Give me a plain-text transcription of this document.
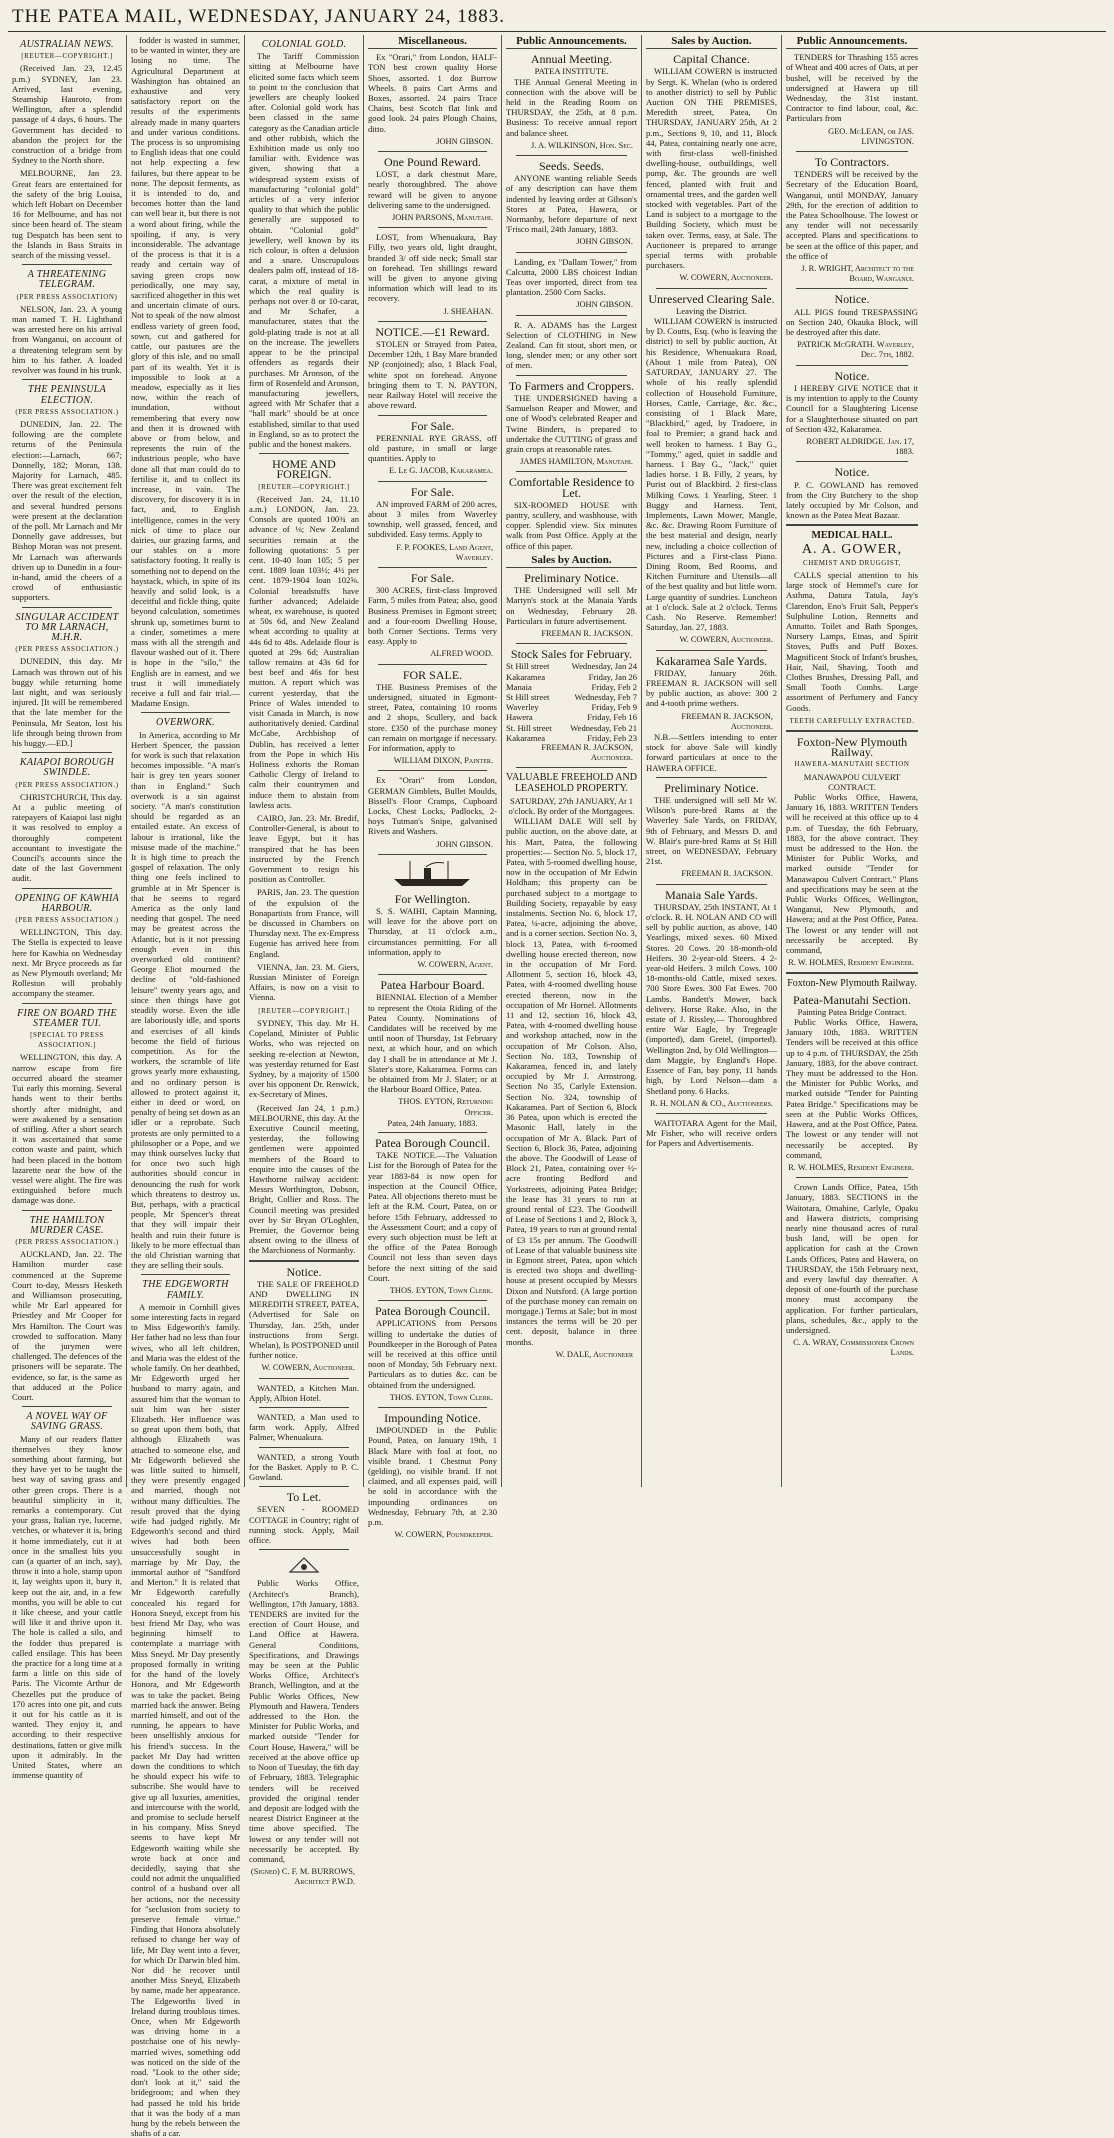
THE PATEA MAIL, WEDNESDAY, JANUARY 24, 1883.
AUSTRALIAN NEWS.
[REUTER—COPYRIGHT.]

(Received Jan. 23, 12.45 p.m.) SYDNEY, Jan 23. Arrived, last evening, Steamship Hauroto, from Wellington, after a splendid passage of 4 days, 6 hours. The Government has decided to abandon the project for the construction of a bridge from Sydney to the North shore.

MELBOURNE, Jan 23. Great fears are entertained for the safety of the brig Louisa, which left Hobart on December 16 for Melbourne, and has not since been heard of. The steam tug Despatch has been sent to the Islands in Bass Straits in search of the missing vessel.

A THREATENING TELEGRAM.
(PER PRESS ASSOCIATION)

NELSON, Jan. 23. A young man named T. H. Lightband was arrested here on his arrival from Wanganui, on account of a threatening telegram sent by him to his father. A loaded revolver was found in his trunk.

THE PENINSULA ELECTION.
(PER PRESS ASSOCIATION.)

DUNEDIN, Jan. 22. The following are the complete returns of the Peninsula election:—Larnach, 667; Donnelly, 182; Moran, 138. Majority for Larnach, 485. There was great excitement felt over the result of the election, and several hundred persons were present at the declaration of the poll. Mr Larnach and Mr Donnelly gave addresses, but Bishop Moran was not present. Mr Larnach was afterwards driven up to Dunedin in a four-in-hand, amid the cheers of a crowd of enthusiastic supporters.

SINGULAR ACCIDENT TO MR LARNACH, M.H.R.
(PER PRESS ASSOCIATION.)

DUNEDIN, this day. Mr Larnach was thrown out of his buggy while returning home last night, and was seriously injured. [It will be remembered that the late member for the Peninsula, Mr Seaton, lost his life through being thrown from his buggy.—ED.]

KAIAPOI BOROUGH SWINDLE.
(PER PRESS ASSOCIATION.)

CHRISTCHURCH, This day. At a public meeting of ratepayers of Kaiapoi last night it was resolved to employ a thoroughly competent accountant to investigate the Council's accounts since the date of the last Government audit.

OPENING OF KAWHIA HARBOUR.
(PER PRESS ASSOCIATION.)

WELLINGTON, This day. The Stella is expected to leave here for Kawhia on Wednesday next. Mr Bryce proceeds as far as New Plymouth overland; Mr Rolleston will probably accompany the steamer.

FIRE ON BOARD THE STEAMER TUI.
[SPECIAL TO PRESS ASSOCIATION.]

WELLINGTON, this day. A narrow escape from fire occurred aboard the steamer Tui early this morning. Several hands went to their berths shortly after midnight, and were awakened by a sensation of stifling. After a short search it was ascertained that some cotton waste and paint, which had been placed in the bottom lazarette near the bow of the vessel were alight. The fire was extinguished before much damage was done.

THE HAMILTON MURDER CASE.
(PER PRESS ASSOCIATION.)

AUCKLAND, Jan. 22. The Hamilton murder case commenced at the Supreme Court to-day, Messrs Hesketh and Williamson prosecuting, while Mr Earl appeared for Priestley and Mr Cooper for Mrs Hamilton. The Court was crowded to suffocation. Many of the jurymen were challenged. The defences of the prisoners will be separate. The evidence, so far, is the same as that adduced at the Police Court.

A NOVEL WAY OF SAVING GRASS.

Many of our readers flatter themselves they know something about farming, but they have yet to be taught the best way of saving grass and other green crops. There is a beautiful simplicity in it, remarks a contemporary. Cut your grass, Italian rye, lucerne, vetches, or whatever it is, bring it home immediately, cut it at once in the smallest bits you can (a quarter of an inch, say), throw it into a hole, stamp upon it, lay weights upon it, bury it, keep out the air, and, in a few months, you will be able to cut it like cheese, and your cattle will like it and thrive upon it. The hole is called a silo, and the fodder thus prepared is called ensilage. This has been the practice for a long time at a farm a little on this side of Paris. The Vicomte Arthur de Chezelles put the produce of 170 acres into one pit, and cuts it out for his cattle as it is wanted. They enjoy it, and according to their respective destinations, fatten or give milk upon it admirably. In the United States, where an immense quantity of

fodder is wasted in summer, to be wanted in winter, they are losing no time. The Agricultural Department at Washington has obtained an exhaustive and very satisfactory report on the results of the experiments already made in many quarters and under various conditions. The process is so unpromising to English ideas that one could not help expecting a few failures, but there appear to be none. The deposit ferments, as it is intended to do, and becomes hotter than the land can well bear it, but there is not a word about firing, while the spoiling, if any, is very inconsiderable. The advantage of the process is that it is a ready and certain way of saving green crops now periodically, one may say, sacrificed altogether in this wet and uncertain climate of ours. Not to speak of the now almost endless variety of green food, sown, cut and gathered for cattle, our pastures are the glory of this isle, and no small part of its wealth. Yet it is impossible to look at a meadow, especially as it lies now, within the reach of inundation, without remembering that every now and then it is drowned with above or from below, and represents the ruin of the industrious people, who have done all that man could do to fertilise it, and to collect its increase, in vain. The discovery, for discovery it is in fact, and, to English intelligence, comes in the very nick of time to place our dairies, our grazing farms, and our stables on a more satisfactory footing. It really is something not to depend on the haystack, which, in spite of its heavily and solid look, is a deceitful and fickle thing, quite beyond calculation, sometimes shrunk up, sometimes burnt to a cinder, sometimes a mere mass with all the strength and flavour washed out of it. There is hope in the "silo," the English are in earnest, and we trust it will immediately receive a full and fair trial.—Madame Ensign.

OVERWORK.

In America, according to Mr Herbert Spencer, the passion for work is such that relaxation becomes impossible. "A man's hair is grey ten years sooner than in England." Such overwork is a sin against society. "A man's constitution should be regarded as an entailed estate. An excess of labour is irrational, like the misuse made of the machine." It is high time to preach the gospel of relaxation. The only thing one feels inclined to grumble at in Mr Spencer is that he seems to regard America as the only land needing that gospel. The need may be greatest across the Atlantic, but is it not pressing enough even in this overworked old continent? George Eliot mourned the decline of "old-fashioned leisure" twenty years ago, and since then things have got steadily worse. Even the idle are laboriously idle, and sports and exercises of all kinds become the field of furious competition. As for the workers, the scramble of life grows yearly more exhausting, and no ordinary person is allowed to protect against it, either in deed or word, on penalty of being set down as an idler or a reprobate. Such protests are only permitted to a philosopher or a Pope, and we may think ourselves lucky that for once two such high authorities should concur in denouncing the rush for work which threatens to destroy us. But, perhaps, with a practical people, Mr Spencer's threat that they will impair their health and ruin their future is likely to be more effectual than the old Christian warning that they are selling their souls.

THE EDGEWORTH FAMILY.

A memoir in Cornhill gives some interesting facts in regard to Miss Edgeworth's family. Her father had no less than four wives, who all left children, and Maria was the eldest of the whole family. On her deathbed, Mr Edgeworth urged her husband to marry again, and assured him that the woman to suit him was her sister Elizabeth. Her influence was so great upon them both, that although Elizabeth was attached to someone else, and Mr Edgeworth believed she was little suited to himself, they were presently engaged and married, though not without many difficulties. The result proved that the dying wife had judged rightly. Mr Edgeworth's second and third wives had both been unsuccessfully sought in marriage by Mr Day, the immortal author of "Sandford and Merton." It is related that Mr Edgeworth carefully concealed his regard for Honora Sneyd, except from his best friend Mr Day, who was beginning himself to contemplate a marriage with Miss Sneyd. Mr Day presently proposed formally in writing for the hand of the lovely Honora, and Mr Edgeworth was to take the packet. Being married back the answer. Being married himself, and out of the running, he appears to have been unselfishly anxious for his friend's success. In the packet Mr Day had written down the conditions to which he should expect his wife to subscribe. She would have to give up all luxuries, amenities, and intercourse with the world, and promise to seclude herself in his company. Miss Sneyd seems to have kept Mr Edgeworth waiting while she wrote back at once and decidedly, saying that she could not admit the unqualified control of a husband over all her actions, nor the necessity for "seclusion from society to preserve female virtue." Finding that Honora absolutely refused to change her way of life, Mr Day went into a fever, for which Dr Darwin bled him. Nor did he recover until another Miss Sneyd, Elizabeth by name, made her appearance. The Edgeworths lived in Ireland during troublous times. Once, when Mr Edgeworth was driving home in a postchaise one of his newly-married wives, something odd was noticed on the side of the road. "Look to the other side; don't look at it," said the bridegroom; and when they had passed he told his bride that it was the body of a man hung by the rebels between the shafts of a car.

COLONIAL GOLD.

The Tariff Commission sitting at Melbourne have elicited some facts which seem to point to the conclusion that jewellers are cheaply looked after. Colonial gold work has been classed in the same category as the Canadian article and other rubbish, which the Exhibition made us only too familiar with. Evidence was given, showing that a widespread system exists of manufacturing "colonial gold" articles of a very inferior quality to that which the public generally are supposed to obtain. "Colonial gold" jewellery, well known by its rich colour, is often a delusion and a snare. Unscrupulous dealers palm off, instead of 18-carat, a mixture of metal in which the real quality is perhaps not over 8 or 10-carat, and Mr Schafer, a manufacturer, states that the gold-plating trade is not at all on the increase. The jewellers appear to be the principal offenders as regards their purchases. Mr Aronson, of the firm of Rosenfeld and Aronson, manufacturing jewellers, agreed with Mr Schafer that a "hall mark" should be at once established, similar to that used in England, so as to protect the public and the honest makers.

HOME AND FOREIGN.
[REUTER—COPYRIGHT.]

(Received Jan. 24, 11.10 a.m.) LONDON, Jan. 23. Consols are quoted 100¾ an advance of ⅛; New Zealand securities remain at the following quotations: 5 per cent. 10-40 loan 105; 5 per cent. 1889 loan 103½; 4½ per cent. 1879-1904 loan 102⅝. Colonial breadstuffs have further advanced; Adelaide wheat, ex warehouse, is quoted at 50s 6d, and New Zealand wheat according to quality at 44s 6d to 48s. Adelaide flour is quoted at 29s 6d; Australian tallow remains at 43s 6d for best beef and 46s for best mutton. A report which was current yesterday, that the Prince of Wales intended to visit Canada in March, is now authoritatively denied. Cardinal McCabe, Archbishop of Dublin, has received a letter from the Pope in which His Holiness exhorts the Roman Catholic Clergy of Ireland to calm their countrymen and induce them to abstain from lawless acts.

CAIRO, Jan. 23. Mr. Bredif, Controller-General, is about to leave Egypt, but it has transpired that he has been instructed by the French Government to resign his position as Controller.

PARIS, Jan. 23. The question of the expulsion of the Bonapartists from France, will be discussed in Chambers on Thursday next. The ex-Empress Eugenie has arrived here from England.

VIENNA, Jan. 23. M. Giers, Russian Minister of Foreign Affairs, is now on a visit to Vienna.

[REUTER—COPYRIGHT.]

SYDNEY, This day. Mr H. Copeland, Minister of Public Works, who was rejected on seeking re-election at Newton, was yesterday returned for East Sydney, by a majority of 1500 over his opponent Dr. Renwick, ex-Secretary of Mines.

(Received Jan 24, 1 p.m.) MELBOURNE, this day. At the Executive Council meeting, yesterday, the following gentlemen were appointed members of the Board to enquire into the causes of the Hawthorne railway accident: Messrs Worthington, Dobson, Bright, Collier and Ross. The Council meeting was presided over by Sir Bryan O'Loghlen, Premier, the Governor being absent owing to the illness of the Marchioness of Normanby.

Notice.

THE SALE OF FREEHOLD AND DWELLING IN MEREDITH STREET, PATEA, (Advertised for Sale on Thursday, Jan. 25th, under instructions from Sergt. Whelan), Is POSTPONED until further notice.

W. COWERN, Auctioneer.

WANTED, a Kitchen Man. Apply, Albion Hotel.

WANTED, a Man used to farm work. Apply, Alfred Palmer, Whenuakura.

WANTED, a strong Youth for the Basket. Apply to P. C. Gowland.

To Let.

SEVEN - ROOMED COTTAGE in Country; right of running stock. Apply, Mail office.

Public Works Office, (Architect's Branch), Wellington, 17th January, 1883. TENDERS are invited for the erection of Court House, and Land Office at Hawera. General Conditions, Specifications, and Drawings may be seen at the Public Works Office, Architect's Branch, Wellington, and at the Public Works Offices, New Plymouth and Hawera. Tenders addressed to the Hon. the Minister for Public Works, and marked outside "Tender for Court House, Hawera," will be received at the above office up to Noon of Tuesday, the 6th day of February, 1883. Telegraphic tenders will be received provided the original tender and deposit are lodged with the nearest District Engineer at the time above specified. The lowest or any tender will not necessarily be accepted. By command,

(Signed) C. F. M. BURROWS, Architect P.W.D.
Miscellaneous.

Ex "Orari," from London, HALF-TON best crown quality Horse Shoes, assorted. 1 doz Burrow Wheels. 8 pairs Cart Arms and Boxes, assorted. 24 pairs Trace Chains, best Scotch flat link and good look. 24 pairs Plough Chains, ditto.

JOHN GIBSON.
One Pound Reward.

LOST, a dark chestnut Mare, nearly thoroughbred. The above reward will be given to anyone delivering same to the undersigned.

JOHN PARSONS, Manutahi.

LOST, from Whenuakura, Bay Filly, two years old, light draught, branded 3/ off side neck; Small star on forehead. Ten shillings reward will be given to anyone giving information which will lead to its recovery.

J. SHEAHAN.
NOTICE.—£1 Reward.

STOLEN or Strayed from Patea, December 12th, 1 Bay Mare branded NP (conjoined); also, 1 Black Foal, white spot on forehead. Anyone bringing them to T. N. PAYTON, near Railway Hotel will receive the above reward.

For Sale.

PERENNIAL RYE GRASS, off old pasture, in small or large quantities. Apply to

E. Le G. JACOB, Kakaramea.
For Sale.

AN improved FARM of 200 acres, about 3 miles from Waverley township, well grassed, fenced, and subdivided. Easy terms. Apply to

F. P. FOOKES, Land Agent, Waverley.
For Sale.

300 ACRES, first-class Improved Farm, 5 miles from Patea; also, good Business Premises in Egmont street; and a four-room Dwelling House, both Corner Sections. Terms very easy. Apply to

ALFRED WOOD.
FOR SALE.

THE Business Premises of the undersigned, situated in Egmont-street, Patea, containing 10 rooms and 2 shops, Scullery, and back store. £350 of the purchase money can remain on mortgage if necessary. For information, apply to

WILLIAM DIXON, Painter.

Ex "Orari" from London, GERMAN Gimblets, Bullet Moulds, Bissell's Floor Cramps, Cupboard Locks, Chest Locks, Padlocks, 2-hoys Tutman's Snipe, galvanised Rivets and Washers.

JOHN GIBSON.
For Wellington.

S. S. WAIHI, Captain Manning, will leave for the above port on Thursday, at 11 o'clock a.m., circumstances permitting. For all information, apply to

W. COWERN, Agent.
Patea Harbour Board.

BIENNIAL Election of a Member to represent the Otoia Riding of the Patea County. Nominations of Candidates will be received by me until noon of Thursday, 1st February next, at which hour, and on which day I shall be in attendance at Mr J. Slater's store, Kakaramea. Forms can be obtained from Mr J. Slater; or at the Harbour Board Office, Patea.

THOS. EYTON, Returning Officer.
Patea, 24th January, 1883.
Patea Borough Council.

TAKE NOTICE.—The Valuation List for the Borough of Patea for the year 1883-84 is now open for inspection at the Council Office, Patea. All objections thereto must be left at the R.M. Court, Patea, on or before 15th February, addressed to the Assessment Court; and a copy of every such objection must be left at the office of the Patea Borough Council not less than seven days before the next sitting of the said Court.

THOS. EYTON, Town Clerk.
Patea Borough Council.

APPLICATIONS from Persons willing to undertake the duties of Poundkeeper in the Borough of Patea will be received at this office until noon of Monday, 5th February next. Particulars as to duties &c. can be obtained from the undersigned.

THOS. EYTON, Town Clerk.
Impounding Notice.

IMPOUNDED in the Public Pound, Patea, on January 19th, 1 Black Mare with foal at foot, no visible brand. 1 Chestnut Pony (gelding), no visible brand. If not claimed, and all expenses paid, will be sold in accordance with the impounding ordinances on Wednesday, February 7th, at 2.30 p.m.

W. COWERN, Poundkeeper.
Public Announcements.
Annual Meeting.
PATEA INSTITUTE.

THE Annual General Meeting in connection with the above will be held in the Reading Room on THURSDAY, the 25th, at 8 p.m. Business: To receive annual report and balance sheet.

J. A. WILKINSON, Hon. Sec.
Seeds. Seeds.

ANYONE wanting reliable Seeds of any description can have them indented by leaving order at Gibson's Stores at Patea, Hawera, or Normanby, before departure of next 'Frisco mail, 24th January, 1883.

JOHN GIBSON.

Landing, ex "Dallam Tower," from Calcutta, 2000 LBS choicest Indian Teas over imported, direct from tea plantation. 2500 Corn Sacks.

JOHN GIBSON.

R. A. ADAMS has the Largest Selection of CLOTHING in New Zealand. Can fit stout, short men, or long, slender men; or any other sort of men.

To Farmers and Croppers.

THE UNDERSIGNED having a Samuelson Reaper and Mower, and one of Wood's celebrated Reaper and Twine Binders, is prepared to undertake the CUTTING of grass and grain crops at reasonable rates.

JAMES HAMILTON, Manutahi.
Comfortable Residence to Let.

SIX-ROOMED HOUSE with pantry, scullery, and washhouse, with copper. Splendid view. Six minutes walk from Post Office. Apply at the office of this paper.

Sales by Auction.
Preliminary Notice.

THE Undersigned will sell Mr Martyn's stock at the Manaia Yards on Wednesday, February 28. Particulars in future advertisement.

FREEMAN R. JACKSON.
Stock Sales for February.
St Hill street	Wednesday, Jan 24
Kakaramea	Friday, Jan 26
Manaia	Friday, Feb 2
St Hill street	Wednesday, Feb 7
Waverley	Friday, Feb 9
Hawera	Friday, Feb 16
St. Hill street Wednesday, Feb 21
Kakaramea	Friday, Feb 23
FREEMAN R. JACKSON, Auctioneer.
VALUABLE FREEHOLD AND LEASEHOLD PROPERTY.
SATURDAY, 27th JANUARY, At 1 o'clock. By order of the Mortgagees.

WILLIAM DALE Will sell by public auction, on the above date, at his Mart, Patea, the following properties:— Section No. 5, block 17, Patea, with 5-roomed dwelling house, now in the occupation of Mr Edwin Holdham; this property can be purchased subject to a mortgage to Building Society, repayable by easy instalments. Section No. 6, block 17, Patea, ¼-acre, adjoining the above, and is a corner section. Section No. 3, block 13, Patea, with 6-roomed dwelling house erected thereon, now in the occupation of Mr Ford. Allotment 5, section 16, block 43, Patea, with 4-roomed dwelling house erected thereon, now in the occupation of Mr Hornel. Allotments 11 and 12, section 16, block 43, Patea, with 4-roomed dwelling house and workshop attached, now in the occupation of Mr Colson. Also, Section No. 183, Township of Kakaramea, fenced in, and lately occupied by Mr J. Armstrong. Section No 35, Carlyle Extension. Section No. 324, township of Kakaramea. Part of Section 6, Block 36 Patea, upon which is erected the Masonic Hall, lately in the occupation of Mr A. Black. Part of Section 6, Block 36, Patea, adjoining the above. The Goodwill of Lease of Block 21, Patea, containing over ½-acre fronting Bedford and Yorkstreets, adjoining Patea Bridge; the lease has 31 years to run at ground rental of £23. The Goodwill of Lease of Sections 1 and 2, Block 3, Patea, 19 years to run at ground rental of £3 15s per annum. The Goodwill of Lease of that valuable business site in Egmont street, Patea, upon which is erected two shops and dwelling-house at present occupied by Messrs Dixon and Nutsford. (A large portion of the purchase money can remain on mortgage.) Terms at Sale; but in most instances the terms will be 20 per cent. deposit, balance in three months.

W. DALE, Auctioneer
Sales by Auction.
Capital Chance.

WILLIAM COWERN is instructed by Sergt. K. Whelan (who is ordered to another district) to sell by Public Auction ON THE PREMISES, Meredith street, Patea, On THURSDAY, JANUARY 25th, At 2 p.m., Sections 9, 10, and 11, Block 44, Patea, containing nearly one acre, with first-class well-finished dwelling-house, outbuildings, well pump, &c. The grounds are well fenced, planted with fruit and ornamental trees, and the garden well stocked with vegetables. Part of the Land is subject to a mortgage to the Building Society, which must be taken over. Terms, easy, at Sale. The Auctioneer is prepared to arrange special terms with probable purchasers.

W. COWERN, Auctioneer.
Unreserved Clearing Sale.
Leaving the District.

WILLIAM COWERN is instructed by D. Coutts, Esq. (who is leaving the district) to sell by public auction, At his Residence, Whenuakura Road, (About 1 mile from Patea), ON SATURDAY, JANUARY 27. The whole of his really splendid collection of Household Furniture, Horses, Cattle, Carriage, &c. &c., consisting of 1 Black Mare, "Blackbird," aged, by Tradoere, in foal to Premier; a grand hack and well broken to harness. 1 Bay G., "Tommy," aged, quiet in saddle and harness. 1 Bay G., "Jack," quiet ladies horse. 1 B. Filly, 2 years, by Purist out of Blackbird. 2 first-class Milking Cows. 1 Yearling, Steer. 1 Buggy and Harness. Tent, Implements, Lawn Mower, Mangle, &c. &c. Drawing Room Furniture of the best material and design, nearly new, including a choice collection of Pictures and a First-class Piano. Dining Room, Bed Rooms, and Kitchen Furniture and Utensils—all of the best quality and but little worn. Large quantity of sundries. Luncheon at 1 o'clock. Sale at 2 o'clock. Terms Cash. No Reserve. Remember! Saturday, Jan. 27, 1883.

W. COWERN, Auctioneer.
Kakaramea Sale Yards.

FRIDAY, January 26th. FREEMAN R. JACKSON will sell by public auction, as above: 300 2 and 4-tooth prime wethers.

FREEMAN R. JACKSON, Auctioneer.

N.B.—Settlers intending to enter stock for above Sale will kindly forward particulars at once to the HAWERA OFFICE.

Preliminary Notice.

THE undersigned will sell Mr W. Wilson's pure-bred Rams at the Waverley Sale Yards, on FRIDAY, 9th of February, and Messrs D. and W. Blair's pure-bred Rams at St Hill street, on WEDNESDAY, February 21st.

FREEMAN R. JACKSON.
Manaia Sale Yards.

THURSDAY, 25th INSTANT, At 1 o'clock. R. H. NOLAN AND CO will sell by public auction, as above, 140 Yearlings, mixed sexes. 60 Mixed Stores. 20 Cows. 20 18-month-old Heifers. 30 2-year-old Steers. 4 2-year-old Heifers. 3 milch Cows. 100 18-months-old Cattle, mixed sexes. 700 Store Ewes. 300 Fat Ewes. 700 Lambs. Bandett's Mower, back delivery. Horse Rake. Also, in the estate of J. Rissley,— Thoroughbred entire War Eagle, by Tregeagle (imported), dam Gretel, (imported). Wellington 2nd, by Old Wellington—dam Maggie, by England's Hope. Essence of Fan, bay pony, 11 hands high, by Lord Nelson—dam a Shetland pony. 6 Hacks.

R. H. NOLAN & CO., Auctioneers.

WAITOTARA Agent for the Mail, Mr Fisher, who will receive orders for Papers and Advertisements.

Public Announcements.

TENDERS for Thrashing 155 acres of Wheat and 400 acres of Oats, at per bushel, will be received by the undersigned at Hawera up till Wednesday, the 31st instant. Contractor to find labour, coal, &c. Particulars from

GEO. McLEAN, or JAS. LIVINGSTON.
To Contractors.

TENDERS will be received by the Secretary of the Education Board, Wanganui, until MONDAY, January 29th, for the erection of addition to the Patea Schoolhouse. The lowest or any tender will not necessarily accepted. Plans and specifications to be seen at the office of this paper, and the office of

J. R. WRIGHT, Architect to the Board, Wanganui.
Notice.

ALL PIGS found TRESPASSING on Section 240, Okauka Block, will be destroyed after this date.

PATRICK McGRATH. Waverley, Dec. 7th, 1882.
Notice.

I HEREBY GIVE NOTICE that it is my intention to apply to the County Council for a Slaughtering License for a Slaughterhouse situated on part of Section 432, Kakaramea.

ROBERT ALDRIDGE. Jan. 17, 1883.
Notice.

P. C. GOWLAND has removed from the City Butchery to the shop lately occupied by Mr Colson, and known as the Patea Meat Bazaar.

MEDICAL HALL.
A. A. GOWER,
CHEMIST AND DRUGGIST,

CALLS special attention to his large stock of Hemmel's cure for Asthma, Datura Tatula, Jay's Clarendon, Eno's Fruit Salt, Pepper's Sulphuline Lotion, Rennetts and Annatto. Toilet and Bath Sponges, Nursery Lamps, Etnas, and Spirit Stoves, Puffs and Puff Boxes. Magnificent Stock of Infant's brushes, Hair, Nail, Shaving, Tooth and Clothes Brushes, Dressing Pall, and Small Tooth Combs. Large assortment of Perfumery and Fancy Goods.

TEETH CAREFULLY EXTRACTED.
Foxton-New Plymouth Railway.
HAWERA-MANUTAHI SECTION
MANAWAPOU CULVERT CONTRACT.

Public Works Office, Hawera, January 16, 1883. WRITTEN Tenders will be received at this office up to 4 p.m. of Tuesday, the 6th February, 1883, for the above contract. They must be addressed to the Hon. the Minister for Public Works, and marked outside "Tender for Manawapou Culvert Contract." Plans and specifications may be seen at the Public Works Offices, Wellington, Wanganui, New Plymouth, and Hawera; and at the Post Office, Patea. The lowest or any tender will not necessarily be accepted. By command,

R. W. HOLMES, Resident Engineer.
Foxton-New Plymouth Railway.
Patea-Manutahi Section.
Painting Patea Bridge Contract.

Public Works Office, Hawera, January 10th, 1883. WRITTEN Tenders will be received at this office up to 4 p.m. of THURSDAY, the 25th January, 1883, for the above contract. They must be addressed to the Hon. the Minister for Public Works, and marked outside "Tender for Painting Patea Bridge." Specifications may be seen at the Public Works Offices, Hawera, and at the Post Office, Patea. The lowest or any tender will not necessarily be accepted. By command,

R. W. HOLMES, Resident Engineer.

Crown Lands Office, Patea, 15th January, 1883. SECTIONS in the Waitotara, Omahine, Carlyle, Opaku and Hawera districts, comprising nearly nine thousand acres of rural bush land, will be open for application for cash at the Crown Lands Offices, Patea and Hawera, on THURSDAY, the 15th February next, and every lawful day thereafter. A deposit of one-fourth of the purchase money must accompany the application. For further particulars, plans, schedules, &c., apply to the undersigned.

C. A. WRAY, Commissioner Crown Lands.
